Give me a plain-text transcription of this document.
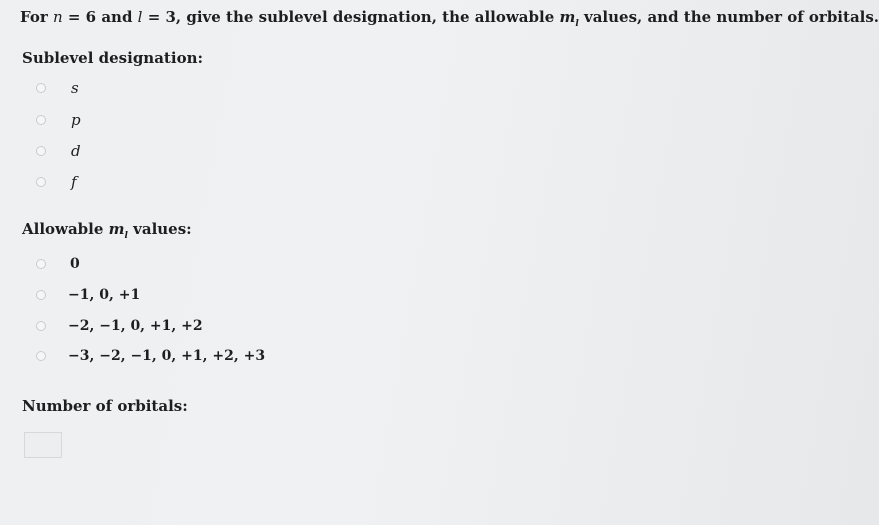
For n = 6 and l = 3, give the sublevel designation, the allowable $m_l$ values, and the number of orbitals.
Sublevel designation:
s
p
d
f
Allowable $m_l$ values:
0
−1, 0, +1
−2, −1, 0, +1, +2
−3, −2, −1, 0, +1, +2, +3
Number of orbitals:
